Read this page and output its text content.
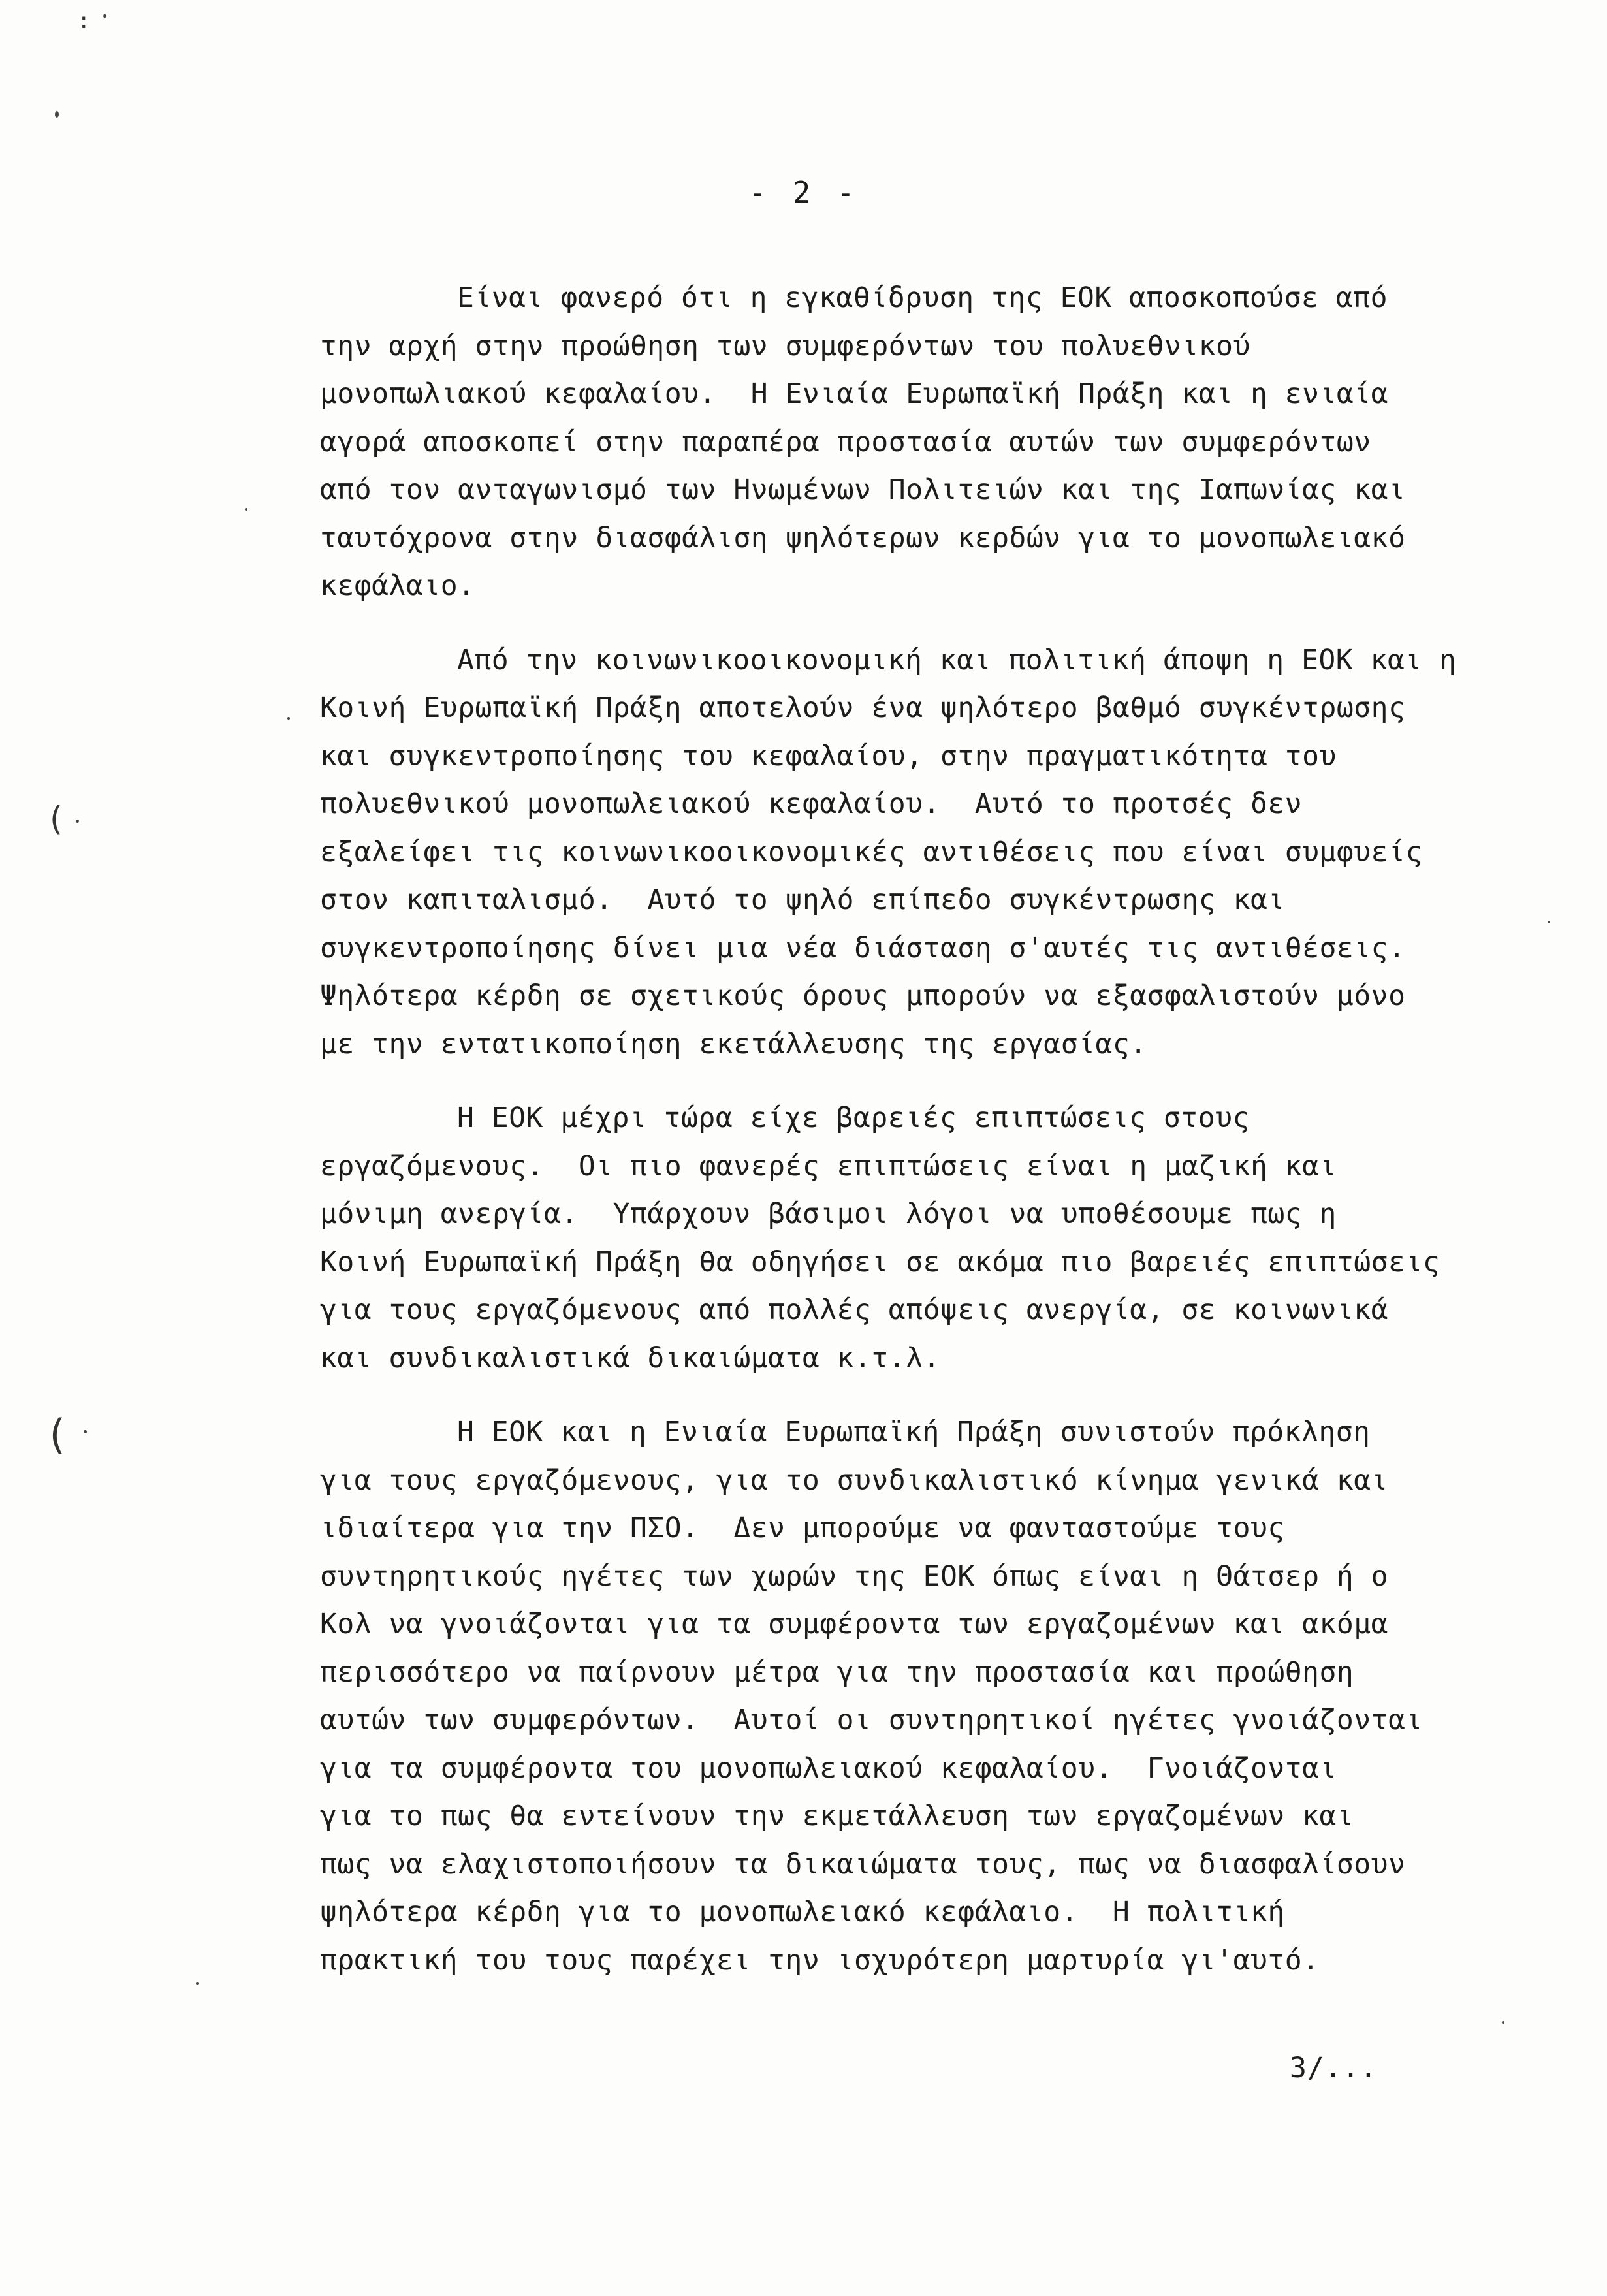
:
(
(
- 2 -
Είναι φανερό ότι η εγκαθίδρυση της ΕΟΚ αποσκοπούσε από
την αρχή στην προώθηση των συμφερόντων του πολυεθνικού
μονοπωλιακού κεφαλαίου.  Η Ενιαία Ευρωπαϊκή Πράξη και η ενιαία
αγορά αποσκοπεί στην παραπέρα προστασία αυτών των συμφερόντων
από τον ανταγωνισμό των Ηνωμένων Πολιτειών και της Ιαπωνίας και
ταυτόχρονα στην διασφάλιση ψηλότερων κερδών για το μονοπωλειακό
κεφάλαιο.
Από την κοινωνικοοικονομική και πολιτική άποψη η ΕΟΚ και η
Κοινή Ευρωπαϊκή Πράξη αποτελούν ένα ψηλότερο βαθμό συγκέντρωσης
και συγκεντροποίησης του κεφαλαίου, στην πραγματικότητα του
πολυεθνικού μονοπωλειακού κεφαλαίου.  Αυτό το προτσές δεν
εξαλείφει τις κοινωνικοοικονομικές αντιθέσεις που είναι συμφυείς
στον καπιταλισμό.  Αυτό το ψηλό επίπεδο συγκέντρωσης και
συγκεντροποίησης δίνει μια νέα διάσταση σ'αυτές τις αντιθέσεις.
Ψηλότερα κέρδη σε σχετικούς όρους μπορούν να εξασφαλιστούν μόνο
με την εντατικοποίηση εκετάλλευσης της εργασίας.
Η ΕΟΚ μέχρι τώρα είχε βαρειές επιπτώσεις στους
εργαζόμενους.  Οι πιο φανερές επιπτώσεις είναι η μαζική και
μόνιμη ανεργία.  Υπάρχουν βάσιμοι λόγοι να υποθέσουμε πως η
Κοινή Ευρωπαϊκή Πράξη θα οδηγήσει σε ακόμα πιο βαρειές επιπτώσεις
για τους εργαζόμενους από πολλές απόψεις ανεργία, σε κοινωνικά
και συνδικαλιστικά δικαιώματα κ.τ.λ.
Η ΕΟΚ και η Ενιαία Ευρωπαϊκή Πράξη συνιστούν πρόκληση
για τους εργαζόμενους, για το συνδικαλιστικό κίνημα γενικά και
ιδιαίτερα για την ΠΣΟ.  Δεν μπορούμε να φανταστούμε τους
συντηρητικούς ηγέτες των χωρών της ΕΟΚ όπως είναι η Θάτσερ ή ο
Κολ να γνοιάζονται για τα συμφέροντα των εργαζομένων και ακόμα
περισσότερο να παίρνουν μέτρα για την προστασία και προώθηση
αυτών των συμφερόντων.  Αυτοί οι συντηρητικοί ηγέτες γνοιάζονται
για τα συμφέροντα του μονοπωλειακού κεφαλαίου.  Γνοιάζονται
για το πως θα εντείνουν την εκμετάλλευση των εργαζομένων και
πως να ελαχιστοποιήσουν τα δικαιώματα τους, πως να διασφαλίσουν
ψηλότερα κέρδη για το μονοπωλειακό κεφάλαιο.  Η πολιτική
πρακτική του τους παρέχει την ισχυρότερη μαρτυρία γι'αυτό.
3/...
